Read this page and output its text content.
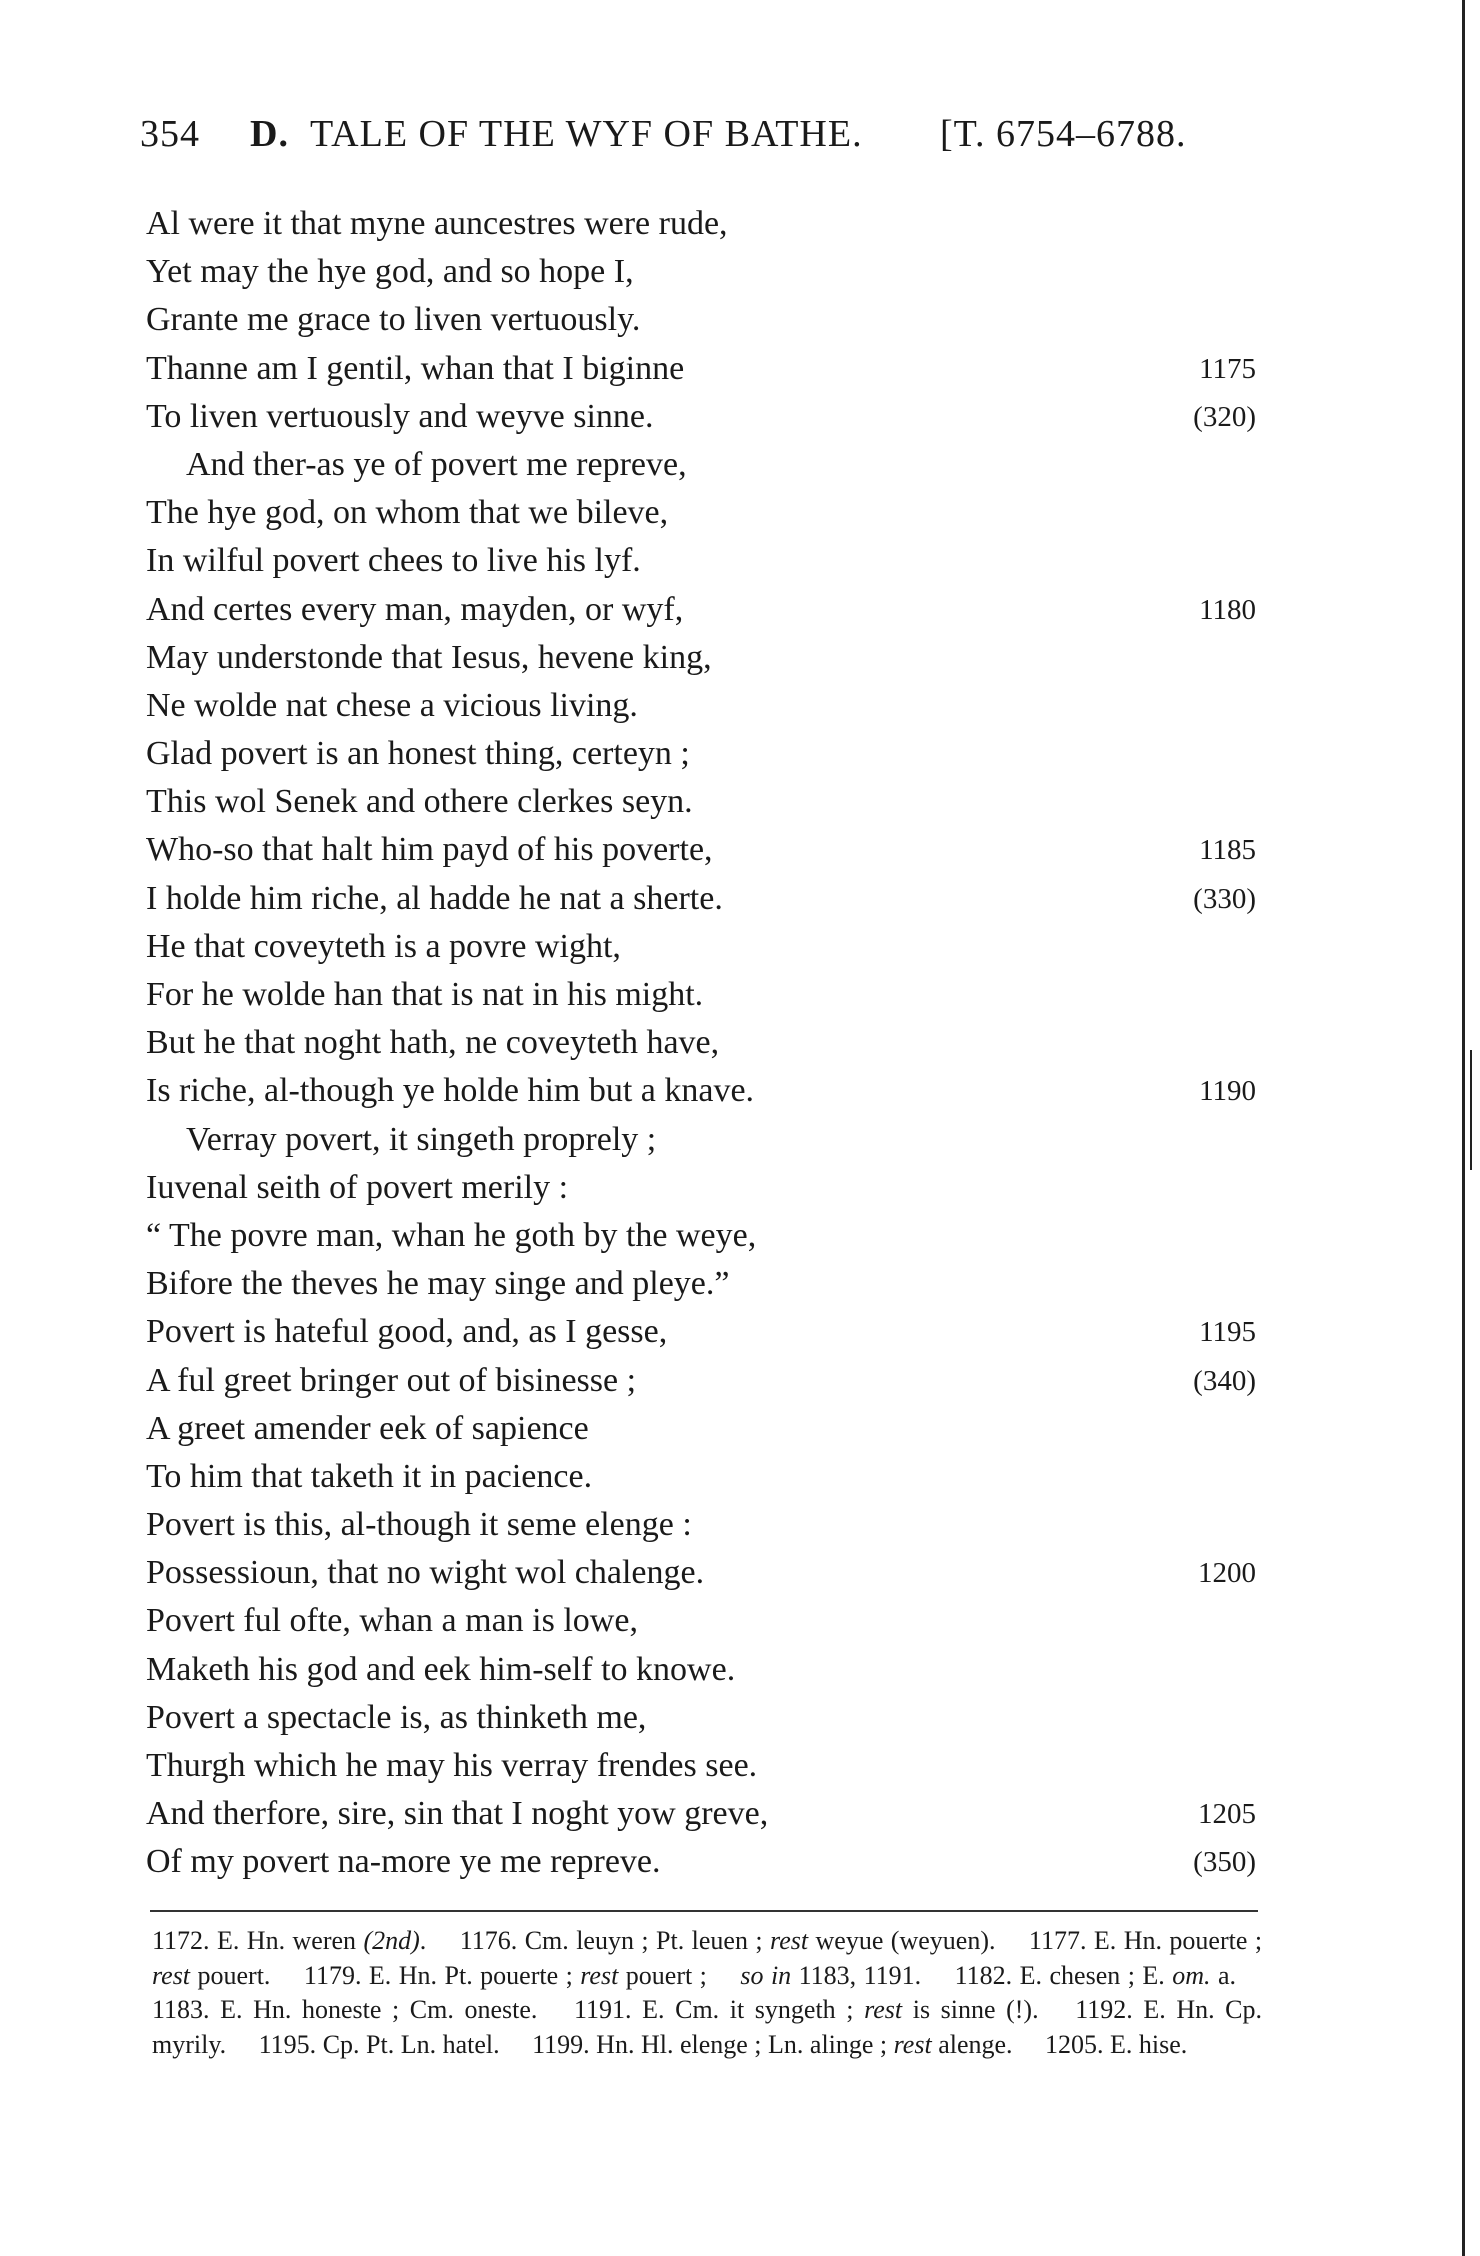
354 D. TALE OF THE WYF OF BATHE. [T. 6754–6788.
Al were it that myne auncestres were rude,
Yet may the hye god, and so hope I,
Grante me grace to liven vertuously.
Thanne am I gentil, whan that I biginne	1175
To liven vertuously and weyve sinne.	(320)
And ther-as ye of povert me repreve,
The hye god, on whom that we bileve,
In wilful povert chees to live his lyf.
And certes every man, mayden, or wyf,	1180
May understonde that Iesus, hevene king,
Ne wolde nat chese a vicious living.
Glad povert is an honest thing, certeyn ;
This wol Senek and othere clerkes seyn.
Who-so that halt him payd of his poverte,	1185
I holde him riche, al hadde he nat a sherte.	(330)
He that coveyteth is a povre wight,
For he wolde han that is nat in his might.
But he that noght hath, ne coveyteth have,
Is riche, al-though ye holde him but a knave.	1190
Verray povert, it singeth proprely ;
Iuvenal seith of povert merily :
“ The povre man, whan he goth by the weye,
Bifore the theves he may singe and pleye.”
Povert is hateful good, and, as I gesse,	1195
A ful greet bringer out of bisinesse ;	(340)
A greet amender eek of sapience
To him that taketh it in pacience.
Povert is this, al-though it seme elenge :
Possessioun, that no wight wol chalenge.	1200
Povert ful ofte, whan a man is lowe,
Maketh his god and eek him-self to knowe.
Povert a spectacle is, as thinketh me,
Thurgh which he may his verray frendes see.
And therfore, sire, sin that I noght yow greve,	1205
Of my povert na-more ye me repreve.	(350)

1172. E. Hn. weren (2nd).  1176. Cm. leuyn ; Pt. leuen ; rest weyue (weyuen).  1177. E. Hn. pouerte ; rest pouert.  1179. E. Hn. Pt. pouerte ; rest pouert ;  so in 1183, 1191.  1182. E. chesen ; E. om. a.  1183. E. Hn. honeste ; Cm. oneste.  1191. E. Cm. it syngeth ; rest is sinne (!).  1192. E. Hn. Cp. myrily.  1195. Cp. Pt. Ln. hatel.  1199. Hn. Hl. elenge ; Ln. alinge ; rest alenge.  1205. E. hise. 
